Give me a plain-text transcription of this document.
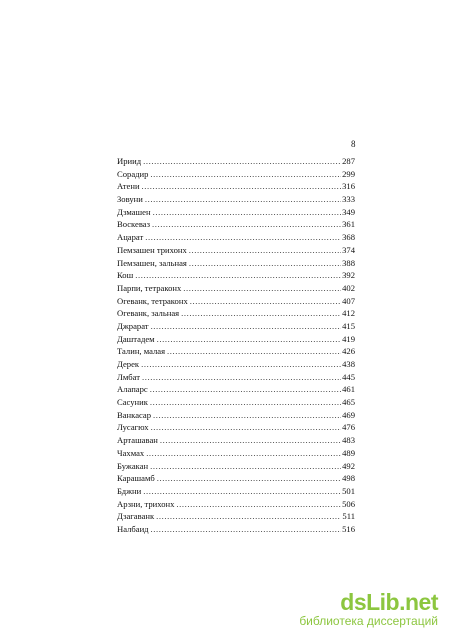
8
Ириид .....	287
Сорадир .....	299
Атени .....	316
Зовуни .....	333
Дзмашен .....	349
Воскеваз .....	361
Ацарат .....	368
Пемзашен трихонх .....	374
Пемзашен, зальная .....	388
Кош .....	392
Парпи, тетраконх .....	402
Огеванк, тетраконх .....	407
Огеванк, зальная .....	412
Джрарат .....	415
Даштадем .....	419
Талин, малая .....	426
Дерек .....	438
Лмбат .....	445
Алапарс .....	461
Сасуник .....	465
Ванкасар .....	469
Лусагюх .....	476
Арташаван .....	483
Чахмах .....	489
Бужакан .....	492
Карашамб .....	498
Бджни .....	501
Арзни, трихонх .....	506
Дзагаванк .....	511
Налбаид .....	516
dsLib.net
библиотека диссертаций
